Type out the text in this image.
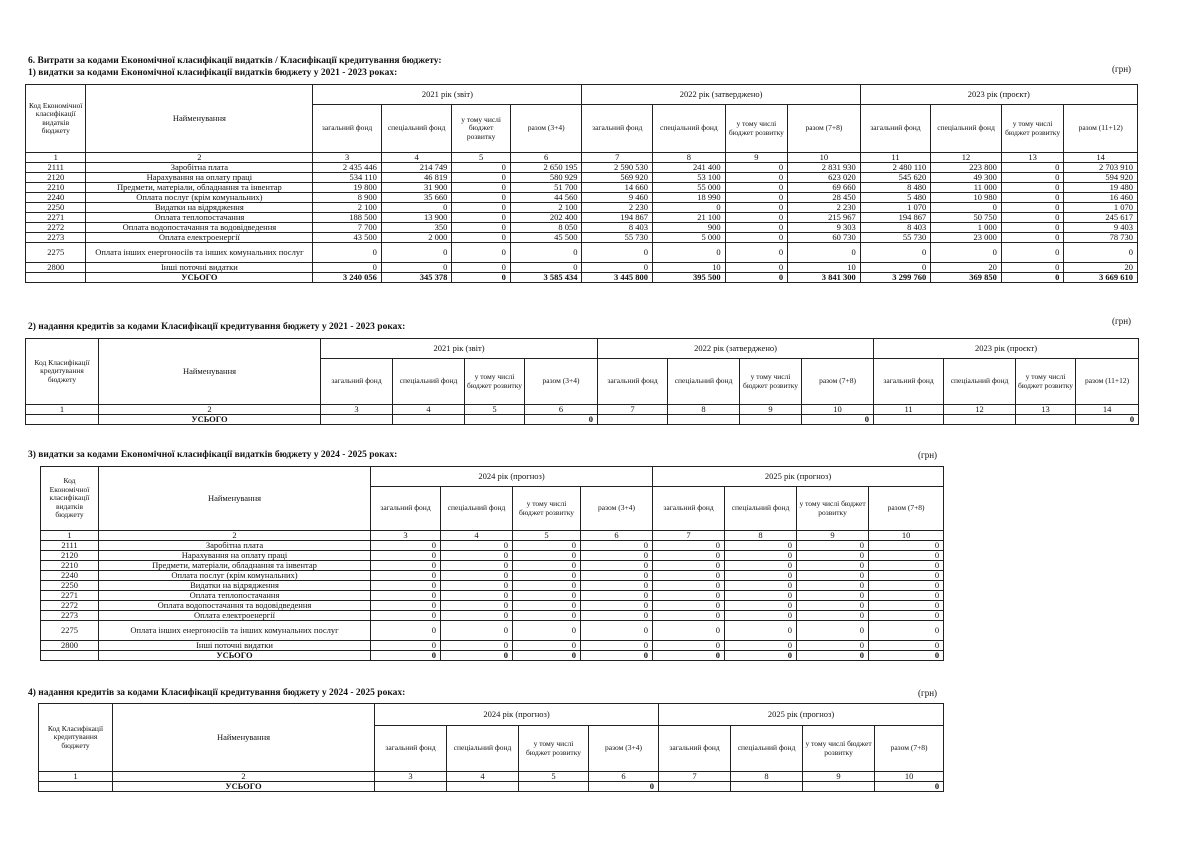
6. Витрати за кодами Економічної класифікації видатків / Класифікації кредитування бюджету:
1) видатки за кодами Економічної класифікації видатків бюджету у 2021 - 2023 роках:	(грн)
Код Економічної класифікації видатків бюджету	Найменування	2021 рік (звіт)				2022 рік (затверджено)				2023 рік (проєкт)			
		загальний фонд	спеціальний фонд	у тому числі бюджет розвитку	разом (3+4)	загальний фонд	спеціальний фонд	у тому числі бюджет розвитку	разом (7+8)	загальний фонд	спеціальний фонд	у тому числі бюджет розвитку	разом (11+12)
1	2	3	4	5	6	7	8	9	10	11	12	13	14
2111	Заробітна плата	2 435 446	214 749	0	2 650 195	2 590 530	241 400	0	2 831 930	2 480 110	223 800	0	2 703 910
2120	Нарахування на оплату праці	534 110	46 819	0	580 929	569 920	53 100	0	623 020	545 620	49 300	0	594 920
2210	Предмети, матеріали, обладнання та інвентар	19 800	31 900	0	51 700	14 660	55 000	0	69 660	8 480	11 000	0	19 480
2240	Оплата послуг (крім комунальних)	8 900	35 660	0	44 560	9 460	18 990	0	28 450	5 480	10 980	0	16 460
2250	Видатки на відрядження	2 100	0	0	2 100	2 230	0	0	2 230	1 070	0	0	1 070
2271	Оплата теплопостачання	188 500	13 900	0	202 400	194 867	21 100	0	215 967	194 867	50 750	0	245 617
2272	Оплата водопостачання та водовідведення	7 700	350	0	8 050	8 403	900	0	9 303	8 403	1 000	0	9 403
2273	Оплата електроенергії	43 500	2 000	0	45 500	55 730	5 000	0	60 730	55 730	23 000	0	78 730
2275	Оплата інших енергоносіїв та інших комунальних послуг	0	0	0	0	0	0	0	0	0	0	0	0
2800	Інші поточні видатки	0	0	0	0	0	10	0	10	0	20	0	20
	УСЬОГО	3 240 056	345 378	0	3 585 434	3 445 800	395 500	0	3 841 300	3 299 760	369 850	0	3 669 610
2) надання кредитів за кодами Класифікації кредитування бюджету у 2021 - 2023 роках:
(грн)
Код Класифікації кредитування бюджету	Найменування	2021 рік (звіт)				2022 рік (затверджено)				2023 рік (проєкт)			
		загальний фонд	спеціальний фонд	у тому числі бюджет розвитку	разом (3+4)	загальний фонд	спеціальний фонд	у тому числі бюджет розвитку	разом (7+8)	загальний фонд	спеціальний фонд	у тому числі бюджет розвитку	разом (11+12)
1	2	3	4	5	6	7	8	9	10	11	12	13	14
	УСЬОГО				0				0				0
3) видатки за кодами Економічної класифікації видатків бюджету у 2024 - 2025 роках:	(грн)
Код Економічної класифікації видатків бюджету	Найменування	2024 рік (прогноз)				2025 рік (прогноз)			
		загальний фонд	спеціальний фонд	у тому числі бюджет розвитку	разом (3+4)	загальний фонд	спеціальний фонд	у тому числі бюджет розвитку	разом (7+8)
1	2	3	4	5	6	7	8	9	10
2111	Заробітна плата	0	0	0	0	0	0	0	0
2120	Нарахування на оплату праці	0	0	0	0	0	0	0	0
2210	Предмети, матеріали, обладнання та інвентар	0	0	0	0	0	0	0	0
2240	Оплата послуг (крім комунальних)	0	0	0	0	0	0	0	0
2250	Видатки на відрядження	0	0	0	0	0	0	0	0
2271	Оплата теплопостачання	0	0	0	0	0	0	0	0
2272	Оплата водопостачання та водовідведення	0	0	0	0	0	0	0	0
2273	Оплата електроенергії	0	0	0	0	0	0	0	0
2275	Оплата інших енергоносіїв та інших комунальних послуг	0	0	0	0	0	0	0	0
2800	Інші поточні видатки	0	0	0	0	0	0	0	0
	УСЬОГО	0	0	0	0	0	0	0	0
4) надання кредитів за кодами Класифікації кредитування бюджету у 2024 - 2025 роках:	(грн)
Код Класифікації кредитування бюджету	Найменування	2024 рік (прогноз)				2025 рік (прогноз)			
		загальний фонд	спеціальний фонд	у тому числі бюджет розвитку	разом (3+4)	загальний фонд	спеціальний фонд	у тому числі бюджет розвитку	разом (7+8)
1	2	3	4	5	6	7	8	9	10
	УСЬОГО				0				0
